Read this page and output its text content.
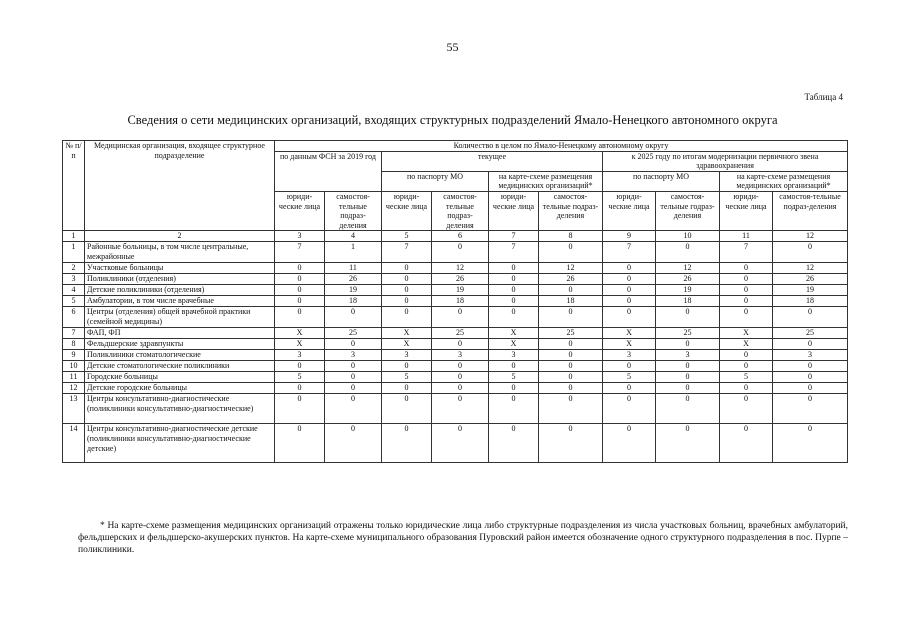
55
Таблица 4
Сведения о сети медицинских организаций, входящих структурных подразделений Ямало-Ненецкого автономного округа
№ п/п	Медицинская организация, входящее структурное подразделение	Количество в целом по Ямало-Ненецкому автономному округу									
		по данным ФСН за 2019 год		текущее				к 2025 году по итогам модернизации первичного звена здравоохранения			
				по паспорту МО		на карте-схеме размещения медицинских организаций*		по паспорту МО		на карте-схеме размещения медицинских организаций*	
		юриди-ческие лица	самостоя-тельные подраз-деления	юриди-ческие лица	самостоя-тельные подраз-деления	юриди-ческие лица	самостоя-тельные подраз-деления	юриди-ческие лица	самостоя-тельные годраз-деления	юриди-ческие лица	самостоя-тельные подраз-деления
1	2	3	4	5	6	7	8	9	10	11	12
1	Районные больницы, в том числе центральные, межрайонные	7	1	7	0	7	0	7	0	7	0
2	Участковые больницы	0	11	0	12	0	12	0	12	0	12
3	Поликлиники (отделения)	0	26	0	26	0	26	0	26	0	26
4	Детские поликлиники (отделения)	0	19	0	19	0	0	0	19	0	19
5	Амбулатории, в том числе врачебные	0	18	0	18	0	18	0	18	0	18
6	Центры (отделения) общей врачебной практики (семейной медицины)	0	0	0	0	0	0	0	0	0	0
7	ФАП, ФП	X	25	X	25	X	25	X	25	X	25
8	Фельдшерские здравпункты	X	0	X	0	X	0	X	0	X	0
9	Поликлиники стоматологические	3	3	3	3	3	0	3	3	0	3
10	Детские стоматологические поликлиники	0	0	0	0	0	0	0	0	0	0
11	Городские больницы	5	0	5	0	5	0	5	0	5	0
12	Детские городские больницы	0	0	0	0	0	0	0	0	0	0
13	Центры консультативно-диагностические (поликлиники консультативно-диагностические)	0	0	0	0	0	0	0	0	0	0
14	Центры консультативно-диагностические детские (поликлиники консультативно-диагностические детские)	0	0	0	0	0	0	0	0	0	0
* На карте-схеме размещения медицинских организаций отражены только юридические лица либо структурные подразделения из числа участковых больниц, врачебных амбулаторий, фельдшерских и фельдшерско-акушерских пунктов. На карте-схеме муниципального образования Пуровский район имеется обозначение одного структурного подразделения в пос. Пурпе – поликлиники.
